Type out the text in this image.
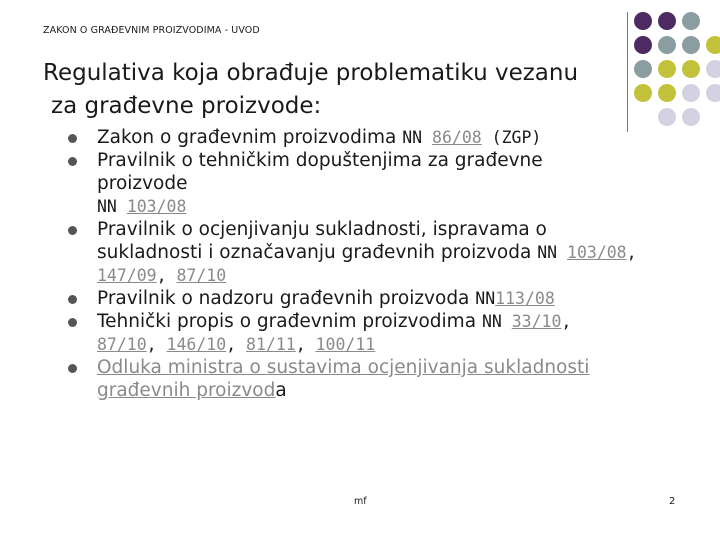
ZAKON O GRAĐEVNIM PROIZVODIMA - UVOD
Regulativa koja obrađuje problematiku vezanu
za građevne proizvode:
Zakon o građevnim proizvodima NN 86/08 (ZGP)
Pravilnik o tehničkim dopuštenjima za građevne proizvode
NN 103/08
Pravilnik o ocjenjivanju sukladnosti, ispravama o sukladnosti i označavanju građevnih proizvoda NN 103/08, 147/09, 87/10
Pravilnik o nadzoru građevnih proizvoda NN113/08
Tehnički propis o građevnim proizvodima NN 33/10, 87/10, 146/10, 81/11, 100/11
Odluka ministra o sustavima ocjenjivanja sukladnosti građevnih proizvoda
mf	2
